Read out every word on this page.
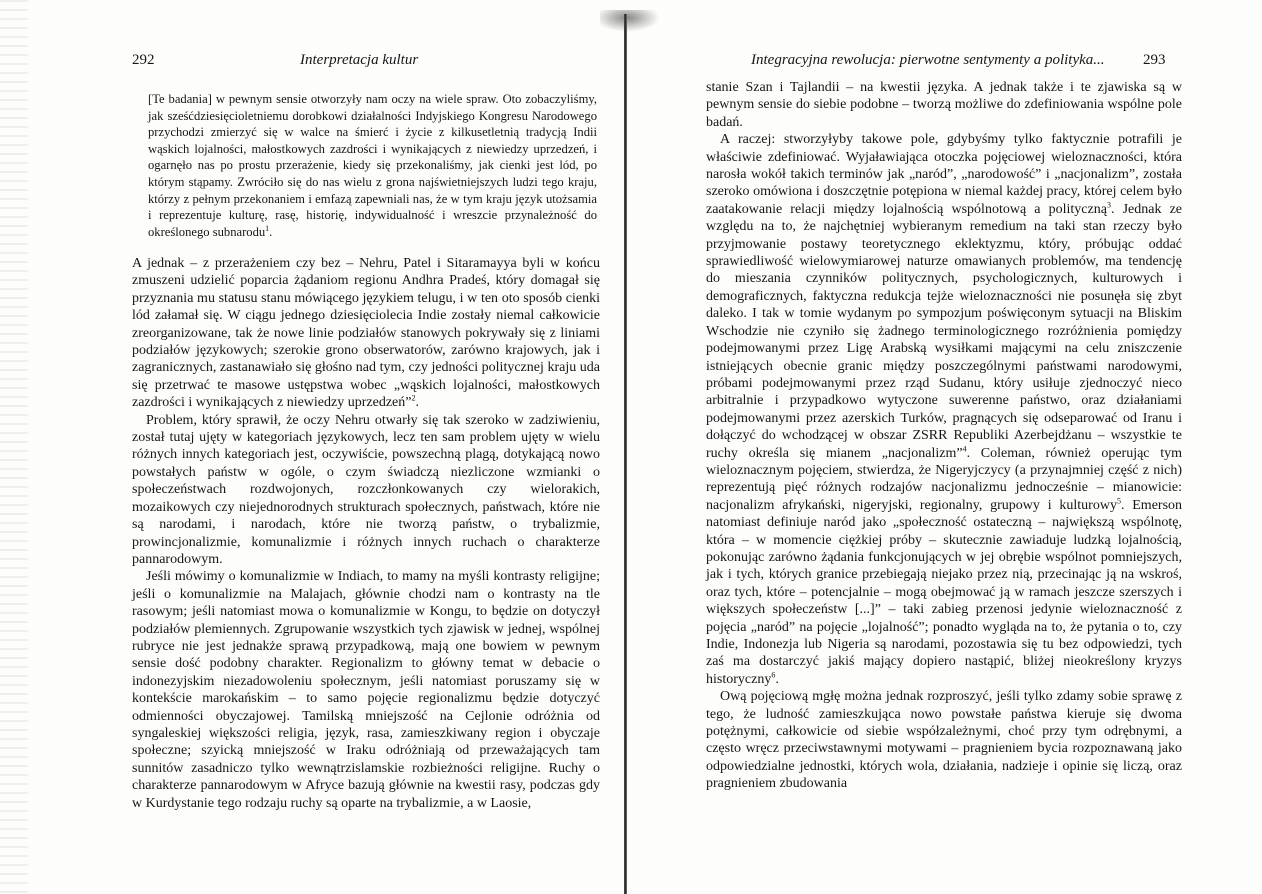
292	Interpretacja kultur
[Te badania] w pewnym sensie otworzyły nam oczy na wiele spraw. Oto zobaczyliśmy, jak sześćdziesięcioletniemu dorobkowi działalności Indyjskiego Kongresu Narodowego przychodzi zmierzyć się w walce na śmierć i życie z kilkusetletnią tradycją Indii wąskich lojalności, małostkowych zazdrości i wynikających z niewiedzy uprzedzeń, i ogarnęło nas po prostu przerażenie, kiedy się przekonaliśmy, jak cienki jest lód, po którym stąpamy. Zwróciło się do nas wielu z grona najświetniejszych ludzi tego kraju, którzy z pełnym przekonaniem i emfazą zapewniali nas, że w tym kraju język utożsamia i reprezentuje kulturę, rasę, historię, indywidualność i wreszcie przynależność do określonego subnarodu$^1$.

A jednak – z przerażeniem czy bez – Nehru, Patel i Sitaramayya byli w końcu zmuszeni udzielić poparcia żądaniom regionu Andhra Pradeś, który domagał się przyznania mu statusu stanu mówiącego językiem telugu, i w ten oto sposób cienki lód załamał się. W ciągu jednego dziesięciolecia Indie zostały niemal całkowicie zreorganizowane, tak że nowe linie podziałów stanowych pokrywały się z liniami podziałów językowych; szerokie grono obserwatorów, zarówno krajowych, jak i zagranicznych, zastanawiało się głośno nad tym, czy jedności politycznej kraju uda się przetrwać te masowe ustępstwa wobec „wąskich lojalności, małostkowych zazdrości i wynikających z niewiedzy uprzedzeń”$^2$.

Problem, który sprawił, że oczy Nehru otwarły się tak szeroko w zadziwieniu, został tutaj ujęty w kategoriach językowych, lecz ten sam problem ujęty w wielu różnych innych kategoriach jest, oczywiście, powszechną plagą, dotykającą nowo powstałych państw w ogóle, o czym świadczą niezliczone wzmianki o społeczeństwach rozdwojonych, rozczłonkowanych czy wielorakich, mozaikowych czy niejednorodnych strukturach społecznych, państwach, które nie są narodami, i narodach, które nie tworzą państw, o trybalizmie, prowincjonalizmie, komunalizmie i różnych innych ruchach o charakterze pannarodowym.

Jeśli mówimy o komunalizmie w Indiach, to mamy na myśli kontrasty religijne; jeśli o komunalizmie na Malajach, głównie chodzi nam o kontrasty na tle rasowym; jeśli natomiast mowa o komunalizmie w Kongu, to będzie on dotyczył podziałów plemiennych. Zgrupowanie wszystkich tych zjawisk w jednej, wspólnej rubryce nie jest jednakże sprawą przypadkową, mają one bowiem w pewnym sensie dość podobny charakter. Regionalizm to główny temat w debacie o indonezyjskim niezadowoleniu społecznym, jeśli natomiast poruszamy się w kontekście marokańskim – to samo pojęcie regionalizmu będzie dotyczyć odmienności obyczajowej. Tamilską mniejszość na Cejlonie odróżnia od syngaleskiej większości religia, język, rasa, zamieszkiwany region i obyczaje społeczne; szyicką mniejszość w Iraku odróżniają od przeważających tam sunnitów zasadniczo tylko wewnątrzislamskie rozbieżności religijne. Ruchy o charakterze pannarodowym w Afryce bazują głównie na kwestii rasy, podczas gdy w Kurdystanie tego rodzaju ruchy są oparte na trybalizmie, a w Laosie,

Integracyjna rewolucja: pierwotne sentymenty a polityka...	293

stanie Szan i Tajlandii – na kwestii języka. A jednak także i te zjawiska są w pewnym sensie do siebie podobne – tworzą możliwe do zdefiniowania wspólne pole badań.

A raczej: stworzyłyby takowe pole, gdybyśmy tylko faktycznie potrafili je właściwie zdefiniować. Wyjaławiająca otoczka pojęciowej wieloznaczności, która narosła wokół takich terminów jak „naród”, „narodowość” i „nacjonalizm”, została szeroko omówiona i doszczętnie potępiona w niemal każdej pracy, której celem było zaatakowanie relacji między lojalnością wspólnotową a polityczną$^3$. Jednak ze względu na to, że najchętniej wybieranym remedium na taki stan rzeczy było przyjmowanie postawy teoretycznego eklektyzmu, który, próbując oddać sprawiedliwość wielowymiarowej naturze omawianych problemów, ma tendencję do mieszania czynników politycznych, psychologicznych, kulturowych i demograficznych, faktyczna redukcja tejże wieloznaczności nie posunęła się zbyt daleko. I tak w tomie wydanym po sympozjum poświęconym sytuacji na Bliskim Wschodzie nie czyniło się żadnego terminologicznego rozróżnienia pomiędzy podejmowanymi przez Ligę Arabską wysiłkami mającymi na celu zniszczenie istniejących obecnie granic między poszczególnymi państwami narodowymi, próbami podejmowanymi przez rząd Sudanu, który usiłuje zjednoczyć nieco arbitralnie i przypadkowo wytyczone suwerenne państwo, oraz działaniami podejmowanymi przez azerskich Turków, pragnących się odseparować od Iranu i dołączyć do wchodzącej w obszar ZSRR Republiki Azerbejdżanu – wszystkie te ruchy określa się mianem „nacjonalizm”$^4$. Coleman, również operując tym wieloznacznym pojęciem, stwierdza, że Nigeryjczycy (a przynajmniej część z nich) reprezentują pięć różnych rodzajów nacjonalizmu jednocześnie – mianowicie: nacjonalizm afrykański, nigeryjski, regionalny, grupowy i kulturowy$^5$. Emerson natomiast definiuje naród jako „społeczność ostateczną – największą wspólnotę, która – w momencie ciężkiej próby – skutecznie zawiaduje ludzką lojalnością, pokonując zarówno żądania funkcjonujących w jej obrębie wspólnot pomniejszych, jak i tych, których granice przebiegają niejako przez nią, przecinając ją na wskroś, oraz tych, które – potencjalnie – mogą obejmować ją w ramach jeszcze szerszych i większych społeczeństw [...]” – taki zabieg przenosi jedynie wieloznaczność z pojęcia „naród” na pojęcie „lojalność”; ponadto wygląda na to, że pytania o to, czy Indie, Indonezja lub Nigeria są narodami, pozostawia się tu bez odpowiedzi, tych zaś ma dostarczyć jakiś mający dopiero nastąpić, bliżej nieokreślony kryzys historyczny$^6$.

Ową pojęciową mgłę można jednak rozproszyć, jeśli tylko zdamy sobie sprawę z tego, że ludność zamieszkująca nowo powstałe państwa kieruje się dwoma potężnymi, całkowicie od siebie współzależnymi, choć przy tym odrębnymi, a często wręcz przeciwstawnymi motywami – pragnieniem bycia rozpoznawaną jako odpowiedzialne jednostki, których wola, działania, nadzieje i opinie się liczą, oraz pragnieniem zbudowania
